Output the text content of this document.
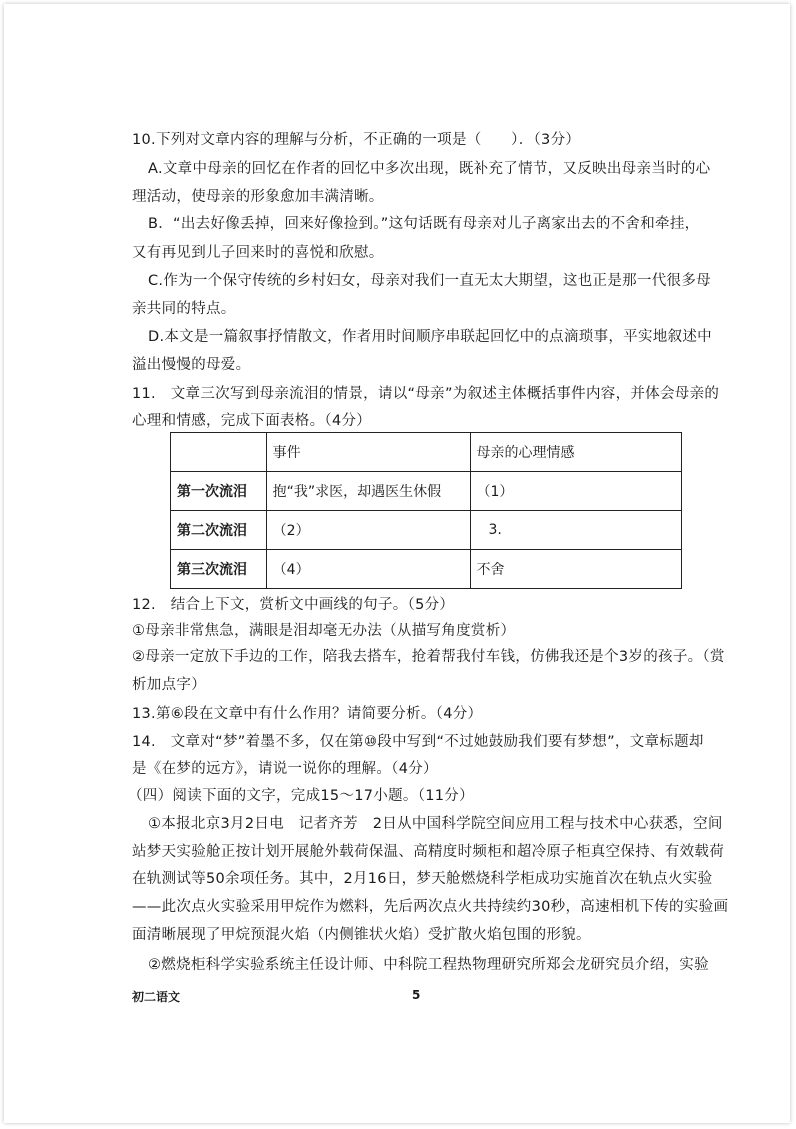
10.下列对文章内容的理解与分析，不正确的一项是（　　）．（3分）
A.文章中母亲的回忆在作者的回忆中多次出现，既补充了情节，又反映出母亲当时的心
理活动，使母亲的形象愈加丰满清晰。
B．“出去好像丢掉，回来好像捡到。”这句话既有母亲对儿子离家出去的不舍和牵挂，
又有再见到儿子回来时的喜悦和欣慰。
C.作为一个保守传统的乡村妇女，母亲对我们一直无太大期望，这也正是那一代很多母
亲共同的特点。
D.本文是一篇叙事抒情散文，作者用时间顺序串联起回忆中的点滴琐事，平实地叙述中
溢出慢慢的母爱。
11.　文章三次写到母亲流泪的情景，请以“母亲”为叙述主体概括事件内容，并体会母亲的
心理和情感，完成下面表格。（4分）
	事件	母亲的心理情感
第一次流泪	抱“我”求医，却遇医生休假	（1）
第二次流泪	（2）	3.
第三次流泪	（4）	不舍
12.　结合上下文，赏析文中画线的句子。（5分）
①母亲非常焦急，满眼是泪却毫无办法（从描写角度赏析）
②母亲一定放下手边的工作，陪我去搭车，抢着帮我付车钱，仿佛我还是个3岁的孩子。（赏
析加点字）
13.第⑥段在文章中有什么作用？请简要分析。（4分）
14.　文章对“梦”着墨不多，仅在第⑩段中写到“不过她鼓励我们要有梦想”，文章标题却
是《在梦的远方》，请说一说你的理解。（4分）
（四）阅读下面的文字，完成15～17小题。（11分）
①本报北京3月2日电　记者齐芳　2日从中国科学院空间应用工程与技术中心获悉，空间
站梦天实验舱正按计划开展舱外载荷保温、高精度时频柜和超冷原子柜真空保持、有效载荷
在轨测试等50余项任务。其中，2月16日，梦天舱燃烧科学柜成功实施首次在轨点火实验
——此次点火实验采用甲烷作为燃料，先后两次点火共持续约30秒，高速相机下传的实验画
面清晰展现了甲烷预混火焰（内侧锥状火焰）受扩散火焰包围的形貌。
②燃烧柜科学实验系统主任设计师、中科院工程热物理研究所郑会龙研究员介绍，实验
初二语文	5
